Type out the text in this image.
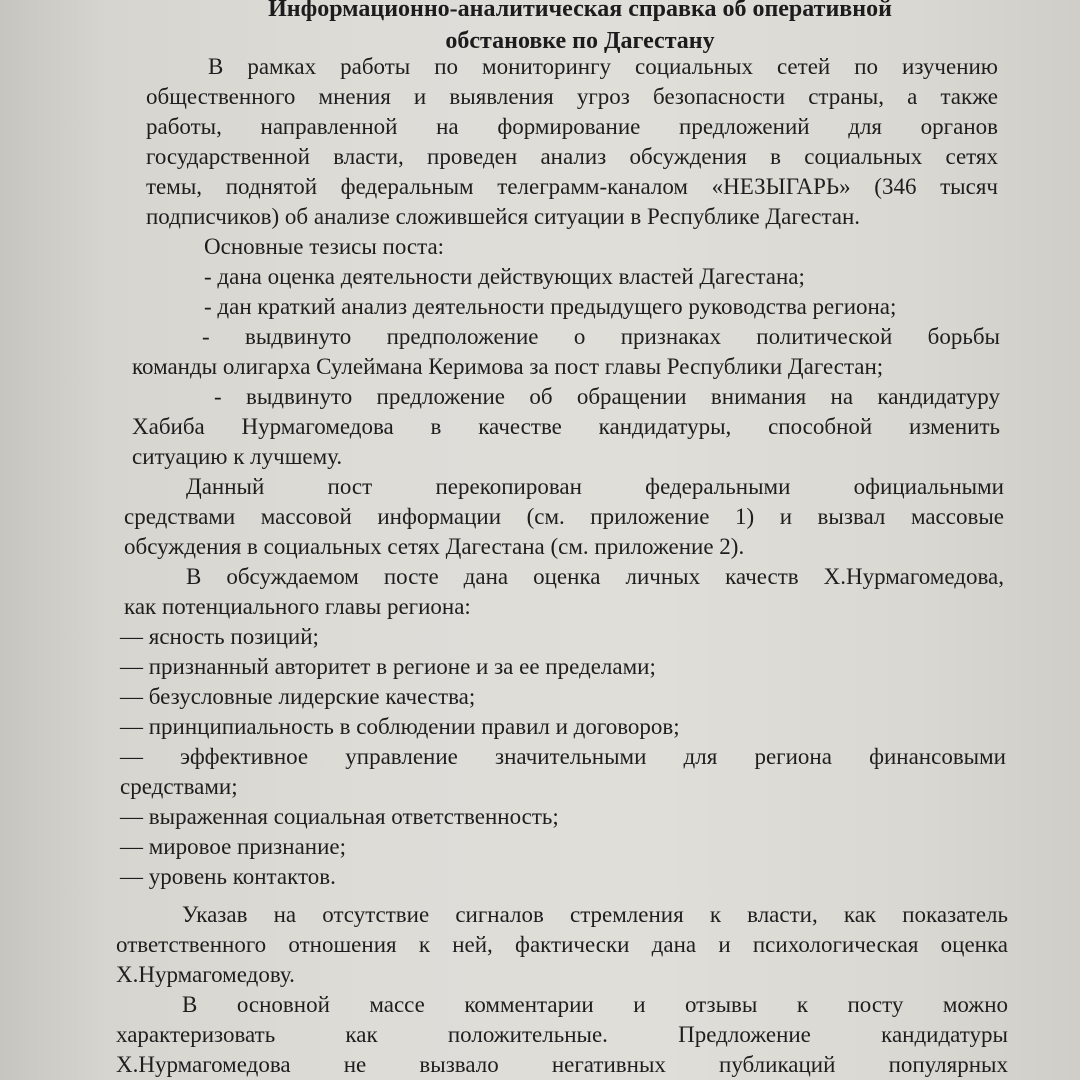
Информационно-аналитическая справка об оперативной
обстановке по Дагестану
В рамках работы по мониторингу социальных сетей по изучению
общественного мнения и выявления угроз безопасности страны, а также
работы, направленной на формирование предложений для органов
государственной власти, проведен анализ обсуждения в социальных сетях
темы, поднятой федеральным телеграмм-каналом «НЕЗЫГАРЬ» (346 тысяч
подписчиков) об анализе сложившейся ситуации в Республике Дагестан.
Основные тезисы поста:
- дана оценка деятельности действующих властей Дагестана;
- дан краткий анализ деятельности предыдущего руководства региона;
- выдвинуто предположение о признаках политической борьбы
команды олигарха Сулеймана Керимова за пост главы Республики Дагестан;
- выдвинуто предложение об обращении внимания на кандидатуру
Хабиба Нурмагомедова в качестве кандидатуры, способной изменить
ситуацию к лучшему.
Данный пост перекопирован федеральными официальными
средствами массовой информации (см. приложение 1) и вызвал массовые
обсуждения в социальных сетях Дагестана (см. приложение 2).
В обсуждаемом посте дана оценка личных качеств Х.Нурмагомедова,
как потенциального главы региона:
— ясность позиций;
— признанный авторитет в регионе и за ее пределами;
— безусловные лидерские качества;
— принципиальность в соблюдении правил и договоров;
— эффективное управление значительными для региона финансовыми
средствами;
— выраженная социальная ответственность;
— мировое признание;
— уровень контактов.
Указав на отсутствие сигналов стремления к власти, как показатель
ответственного отношения к ней, фактически дана и психологическая оценка
Х.Нурмагомедову.
В основной массе комментарии и отзывы к посту можно
характеризовать как положительные. Предложение кандидатуры
Х.Нурмагомедова не вызвало негативных публикаций популярных
